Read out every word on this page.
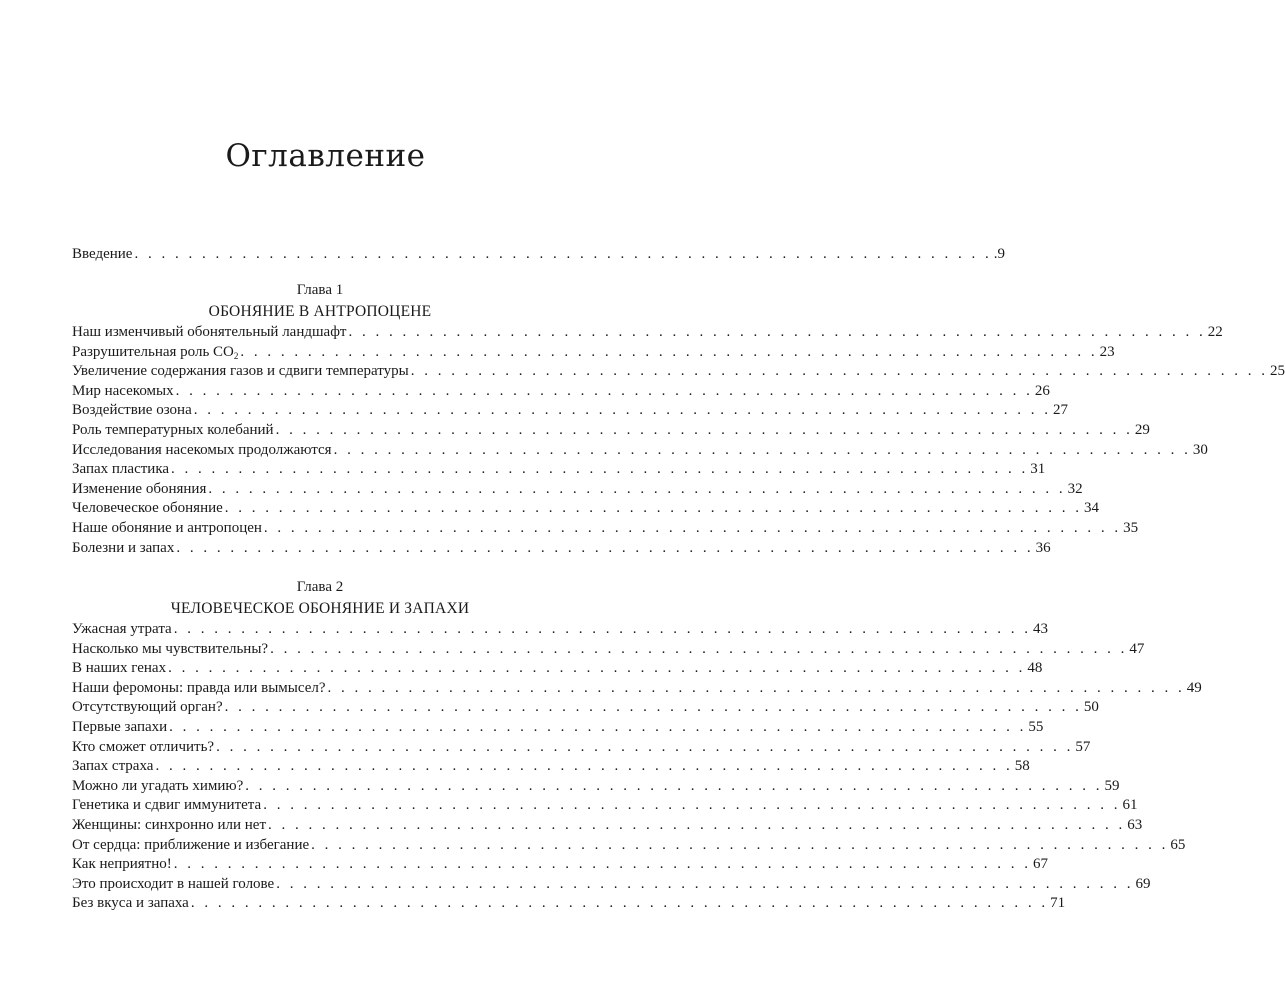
Оглавление
Введение . . . . . . . . . . . . . . . . . . . . . . . . . . . . . . . . . . . . . . . . . . . . . . . . . . . . . . . . . . . . . . . . .9
Глава 1
ОБОНЯНИЕ В АНТРОПОЦЕНЕ
Наш изменчивый обонятельный ландшафт . . . . . . . . . . . . . . . . . . . . . . . . . . . . . . . . . . . . . . . . . . . . . . . . . . . . . . . . . . . . . . . . 22
Разрушительная роль $CO_2$ . . . . . . . . . . . . . . . . . . . . . . . . . . . . . . . . . . . . . . . . . . . . . . . . . . . . . . . . . . . . . . . . 23
Увеличение содержания газов и сдвиги температуры . . . . . . . . . . . . . . . . . . . . . . . . . . . . . . . . . . . . . . . . . . . . . . . . . . . . . . . . . . . . . . . . 25
Мир насекомых . . . . . . . . . . . . . . . . . . . . . . . . . . . . . . . . . . . . . . . . . . . . . . . . . . . . . . . . . . . . . . . . 26
Воздействие озона . . . . . . . . . . . . . . . . . . . . . . . . . . . . . . . . . . . . . . . . . . . . . . . . . . . . . . . . . . . . . . . . 27
Роль температурных колебаний . . . . . . . . . . . . . . . . . . . . . . . . . . . . . . . . . . . . . . . . . . . . . . . . . . . . . . . . . . . . . . . . 29
Исследования насекомых продолжаются . . . . . . . . . . . . . . . . . . . . . . . . . . . . . . . . . . . . . . . . . . . . . . . . . . . . . . . . . . . . . . . . 30
Запах пластика . . . . . . . . . . . . . . . . . . . . . . . . . . . . . . . . . . . . . . . . . . . . . . . . . . . . . . . . . . . . . . . . 31
Изменение обоняния . . . . . . . . . . . . . . . . . . . . . . . . . . . . . . . . . . . . . . . . . . . . . . . . . . . . . . . . . . . . . . . . 32
Человеческое обоняние . . . . . . . . . . . . . . . . . . . . . . . . . . . . . . . . . . . . . . . . . . . . . . . . . . . . . . . . . . . . . . . . 34
Наше обоняние и антропоцен . . . . . . . . . . . . . . . . . . . . . . . . . . . . . . . . . . . . . . . . . . . . . . . . . . . . . . . . . . . . . . . . 35
Болезни и запах . . . . . . . . . . . . . . . . . . . . . . . . . . . . . . . . . . . . . . . . . . . . . . . . . . . . . . . . . . . . . . . . 36
Глава 2
ЧЕЛОВЕЧЕСКОЕ ОБОНЯНИЕ И ЗАПАХИ
Ужасная утрата . . . . . . . . . . . . . . . . . . . . . . . . . . . . . . . . . . . . . . . . . . . . . . . . . . . . . . . . . . . . . . . . 43
Насколько мы чувствительны? . . . . . . . . . . . . . . . . . . . . . . . . . . . . . . . . . . . . . . . . . . . . . . . . . . . . . . . . . . . . . . . . 47
В наших генах . . . . . . . . . . . . . . . . . . . . . . . . . . . . . . . . . . . . . . . . . . . . . . . . . . . . . . . . . . . . . . . . 48
Наши феромоны: правда или вымысел? . . . . . . . . . . . . . . . . . . . . . . . . . . . . . . . . . . . . . . . . . . . . . . . . . . . . . . . . . . . . . . . . 49
Отсутствующий орган? . . . . . . . . . . . . . . . . . . . . . . . . . . . . . . . . . . . . . . . . . . . . . . . . . . . . . . . . . . . . . . . . 50
Первые запахи . . . . . . . . . . . . . . . . . . . . . . . . . . . . . . . . . . . . . . . . . . . . . . . . . . . . . . . . . . . . . . . . 55
Кто сможет отличить? . . . . . . . . . . . . . . . . . . . . . . . . . . . . . . . . . . . . . . . . . . . . . . . . . . . . . . . . . . . . . . . . 57
Запах страха . . . . . . . . . . . . . . . . . . . . . . . . . . . . . . . . . . . . . . . . . . . . . . . . . . . . . . . . . . . . . . . . 58
Можно ли угадать химию? . . . . . . . . . . . . . . . . . . . . . . . . . . . . . . . . . . . . . . . . . . . . . . . . . . . . . . . . . . . . . . . . 59
Генетика и сдвиг иммунитета . . . . . . . . . . . . . . . . . . . . . . . . . . . . . . . . . . . . . . . . . . . . . . . . . . . . . . . . . . . . . . . . 61
Женщины: синхронно или нет . . . . . . . . . . . . . . . . . . . . . . . . . . . . . . . . . . . . . . . . . . . . . . . . . . . . . . . . . . . . . . . . 63
От сердца: приближение и избегание . . . . . . . . . . . . . . . . . . . . . . . . . . . . . . . . . . . . . . . . . . . . . . . . . . . . . . . . . . . . . . . . 65
Как неприятно! . . . . . . . . . . . . . . . . . . . . . . . . . . . . . . . . . . . . . . . . . . . . . . . . . . . . . . . . . . . . . . . . 67
Это происходит в нашей голове . . . . . . . . . . . . . . . . . . . . . . . . . . . . . . . . . . . . . . . . . . . . . . . . . . . . . . . . . . . . . . . . 69
Без вкуса и запаха . . . . . . . . . . . . . . . . . . . . . . . . . . . . . . . . . . . . . . . . . . . . . . . . . . . . . . . . . . . . . . . . 71
